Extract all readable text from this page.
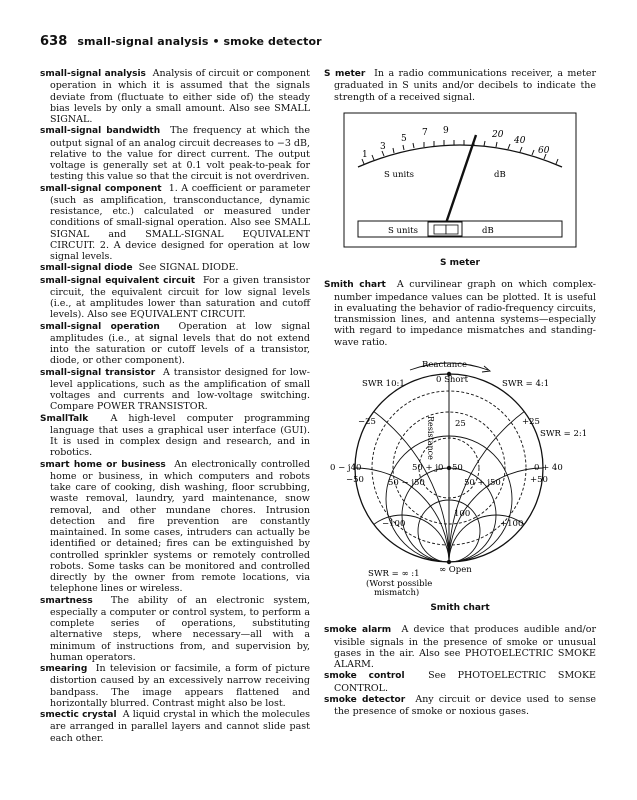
638 small-signal analysis • smoke detector

small-signal analysis Analysis of circuit or component operation in which it is assumed that the signals deviate from (fluctuate to either side of) the steady bias levels by only a small amount. Also see SMALL SIGNAL.

small-signal bandwidth The frequency at which the output signal of an analog circuit decreases to −3 dB, relative to the value for direct current. The output voltage is generally set at 0.1 volt peak-to-peak for testing this value so that the circuit is not overdriven.

small-signal component 1. A coefficient or parameter (such as amplification, transconductance, dynamic resistance, etc.) calculated or measured under conditions of small-signal operation. Also see SMALL SIGNAL and SMALL-SIGNAL EQUIVALENT CIRCUIT. 2. A device designed for operation at low signal levels.

small-signal diode See SIGNAL DIODE.

small-signal equivalent circuit For a given transistor circuit, the equivalent circuit for low signal levels (i.e., at amplitudes lower than saturation and cutoff levels). Also see EQUIVALENT CIRCUIT.

small-signal operation Operation at low signal amplitudes (i.e., at signal levels that do not extend into the saturation or cutoff levels of a transistor, diode, or other component).

small-signal transistor A transistor designed for low-level applications, such as the amplification of small voltages and currents and low-voltage switching. Compare POWER TRANSISTOR.

SmallTalk A high-level computer programming language that uses a graphical user interface (GUI). It is used in complex design and research, and in robotics.

smart home or business An electronically controlled home or business, in which computers and robots take care of cooking, dish washing, floor scrubbing, waste removal, laundry, yard maintenance, snow removal, and other mundane chores. Intrusion detection and fire prevention are constantly maintained. In some cases, intruders can actually be identified or detained; fires can be extinguished by controlled sprinkler systems or remotely controlled robots. Some tasks can be monitored and controlled directly by the owner from remote locations, via telephone lines or wireless.

smartness The ability of an electronic system, especially a computer or control system, to perform a complete series of operations, substituting alternative steps, where necessary—all with a minimum of instructions from, and supervision by, human operators.

smearing In television or facsimile, a form of picture distortion caused by an excessively narrow receiving bandpass. The image appears flattened and horizontally blurred. Contrast might also be lost.

smectic crystal A liquid crystal in which the molecules are arranged in parallel layers and cannot slide past each other.

S meter In a radio communications receiver, a meter graduated in S units and/or decibels to indicate the strength of a received signal.

1
3
5
7 9	20
40
60
S units	dB
S units	dB
S meter

Smith chart A curvilinear graph on which complex-number impedance values can be plotted. It is useful in evaluating the behavior of radio-frequency circuits, transmission lines, and antenna systems—especially with regard to impedance mismatches and standing-wave ratio.

Reactance
0 Short
SWR 10:1	SWR = 4:1
SWR = 2:1
−25	+25
25
Resistance
0 − j40	0 + 40
−50	+50
50 + j0 50
50 − j50	50 + j50
100
−100	+100
∞ Open
SWR = ∞ :1
(Worst possible
mismatch)
Smith chart

smoke alarm A device that produces audible and/or visible signals in the presence of smoke or unusual gases in the air. Also see PHOTOELECTRIC SMOKE ALARM.

smoke control See PHOTOELECTRIC SMOKE CONTROL.

smoke detector Any circuit or device used to sense the presence of smoke or noxious gases.
